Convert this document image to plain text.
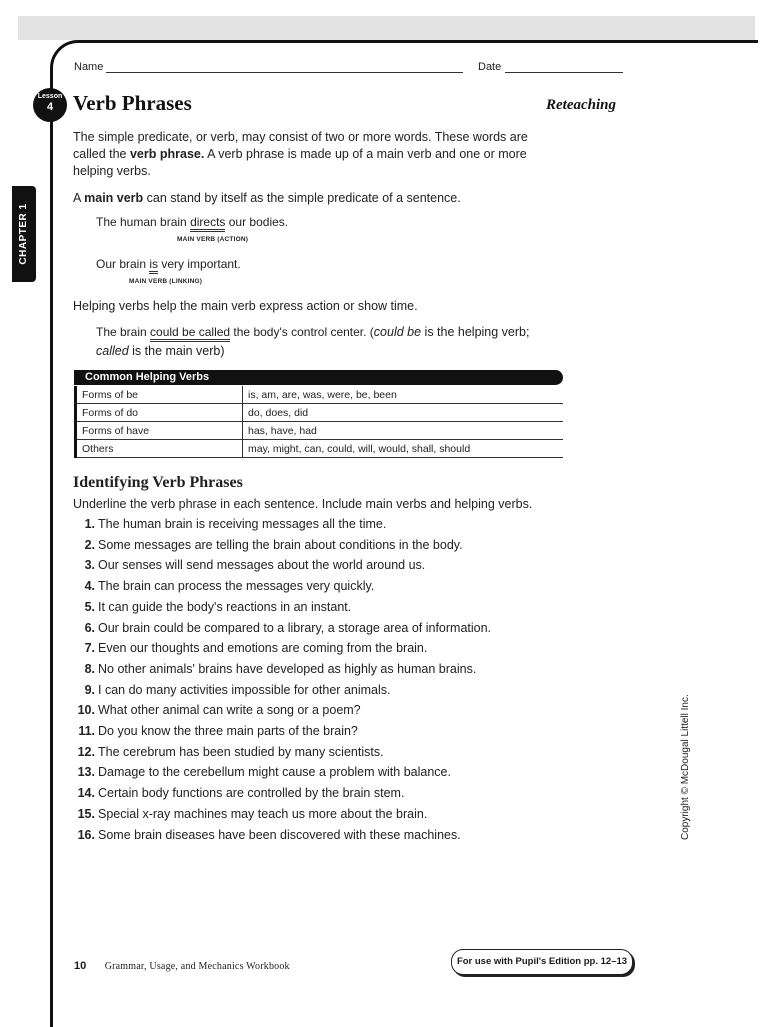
Name	Date
Lesson
4 Verb Phrases	Reteaching
CHAPTER 1
The simple predicate, or verb, may consist of two or more words. These words are called the verb phrase. A verb phrase is made up of a main verb and one or more helping verbs.
A main verb can stand by itself as the simple predicate of a sentence.
The human brain directs our bodies.
MAIN VERB (ACTION)
Our brain is very important.
MAIN VERB (LINKING)
Helping verbs help the main verb express action or show time.
The brain could be called the body's control center. (could be is the helping verb;
called is the main verb)
Common Helping Verbs
Forms of be	is, am, are, was, were, be, been
Forms of do	do, does, did
Forms of have	has, have, had
Others	may, might, can, could, will, would, shall, should
Identifying Verb Phrases
Underline the verb phrase in each sentence. Include main verbs and helping verbs.
1. The human brain is receiving messages all the time.
2. Some messages are telling the brain about conditions in the body.
3. Our senses will send messages about the world around us.
4. The brain can process the messages very quickly.
5. It can guide the body's reactions in an instant.
6. Our brain could be compared to a library, a storage area of information.
7. Even our thoughts and emotions are coming from the brain.
8. No other animals' brains have developed as highly as human brains.
9. I can do many activities impossible for other animals.
10. What other animal can write a song or a poem?
11. Do you know the three main parts of the brain?
12. The cerebrum has been studied by many scientists.
13. Damage to the cerebellum might cause a problem with balance.
14. Certain body functions are controlled by the brain stem.
15. Special x-ray machines may teach us more about the brain.
16. Some brain diseases have been discovered with these machines.	Copyright © McDougal Littell Inc.
10 Grammar, Usage, and Mechanics Workbook	For use with Pupil's Edition pp. 12–13
